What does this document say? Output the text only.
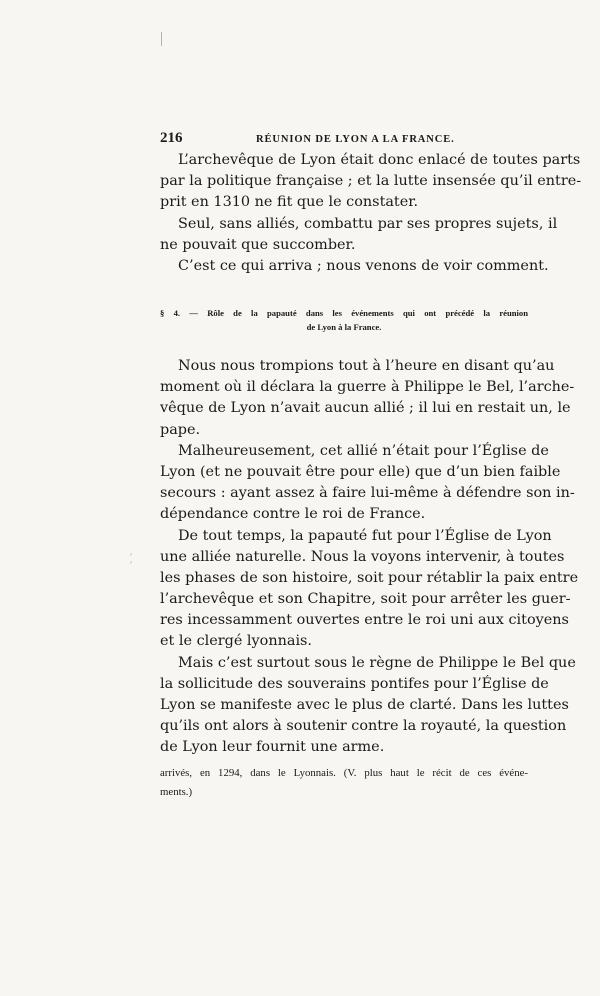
ˊ ˊ
216	RÉUNION DE LYON A LA FRANCE.
L’archevêque de Lyon était donc enlacé de toutes parts
par la politique française ; et la lutte insensée qu’il entre-
prit en 1310 ne fit que le constater.
Seul, sans alliés, combattu par ses propres sujets, il
ne pouvait que succomber.
C’est ce qui arriva ; nous venons de voir comment.
§ 4. — Rôle de la papauté dans les événements qui ont précédé la réunion
de Lyon à la France.
Nous nous trompions tout à l’heure en disant qu’au
moment où il déclara la guerre à Philippe le Bel, l’arche-
vêque de Lyon n’avait aucun allié ; il lui en restait un, le
pape.
Malheureusement, cet allié n’était pour l’Église de
Lyon (et ne pouvait être pour elle) que d’un bien faible
secours : ayant assez à faire lui-même à défendre son in-
dépendance contre le roi de France.
De tout temps, la papauté fut pour l’Église de Lyon
une alliée naturelle. Nous la voyons intervenir, à toutes
les phases de son histoire, soit pour rétablir la paix entre
l’archevêque et son Chapitre, soit pour arrêter les guer-
res incessamment ouvertes entre le roi uni aux citoyens
et le clergé lyonnais.
Mais c’est surtout sous le règne de Philippe le Bel que
la sollicitude des souverains pontifes pour l’Église de
Lyon se manifeste avec le plus de clarté. Dans les luttes
qu’ils ont alors à soutenir contre la royauté, la question
de Lyon leur fournit une arme.
arrivés, en 1294, dans le Lyonnais. (V. plus haut le récit de ces événe-
ments.)
